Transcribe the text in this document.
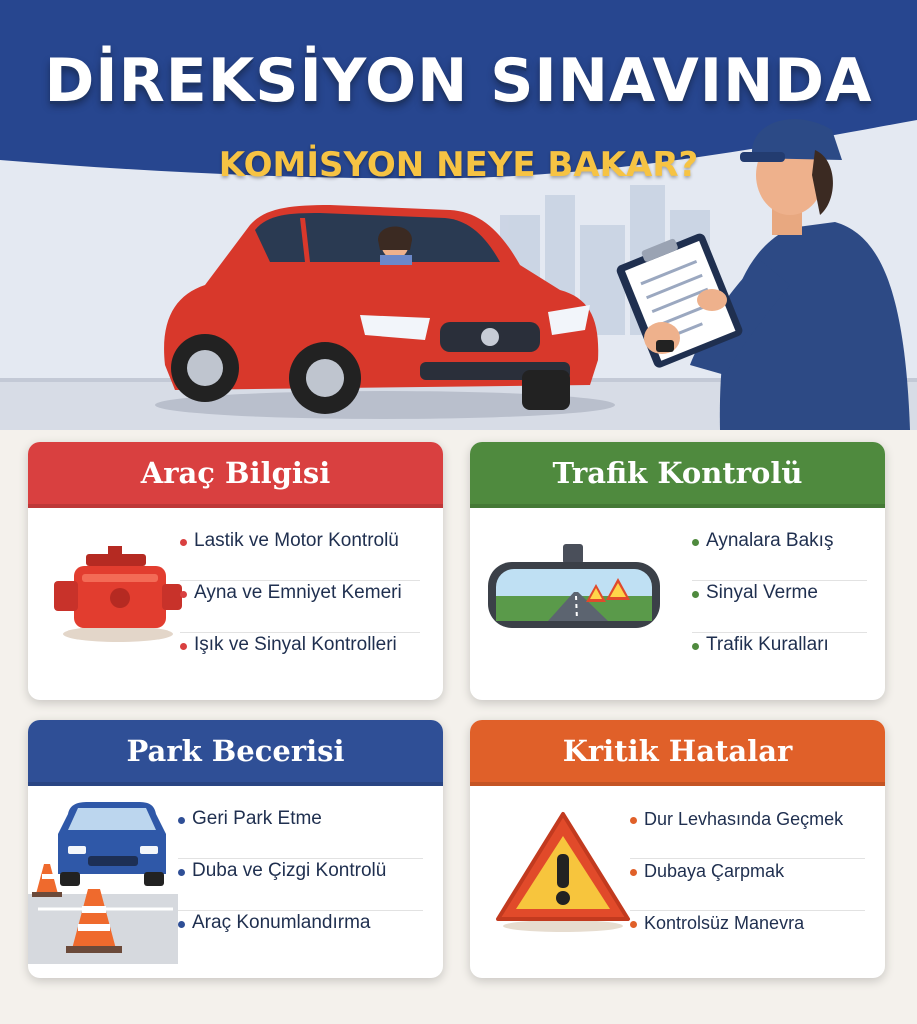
DİREKSİYON SINAVINDA
KOMİSYON NEYE BAKAR?
Araç Bilgisi
Lastik ve Motor Kontrolü
Ayna ve Emniyet Kemeri
Işık ve Sinyal Kontrolleri
Trafik Kontrolü
Aynalara Bakış
Sinyal Verme
Trafik Kuralları
Park Becerisi
Geri Park Etme
Duba ve Çizgi Kontrolü
Araç Konumlandırma
Kritik Hatalar
Dur Levhasında Geçmek
Dubaya Çarpmak
Kontrolsüz Manevra
